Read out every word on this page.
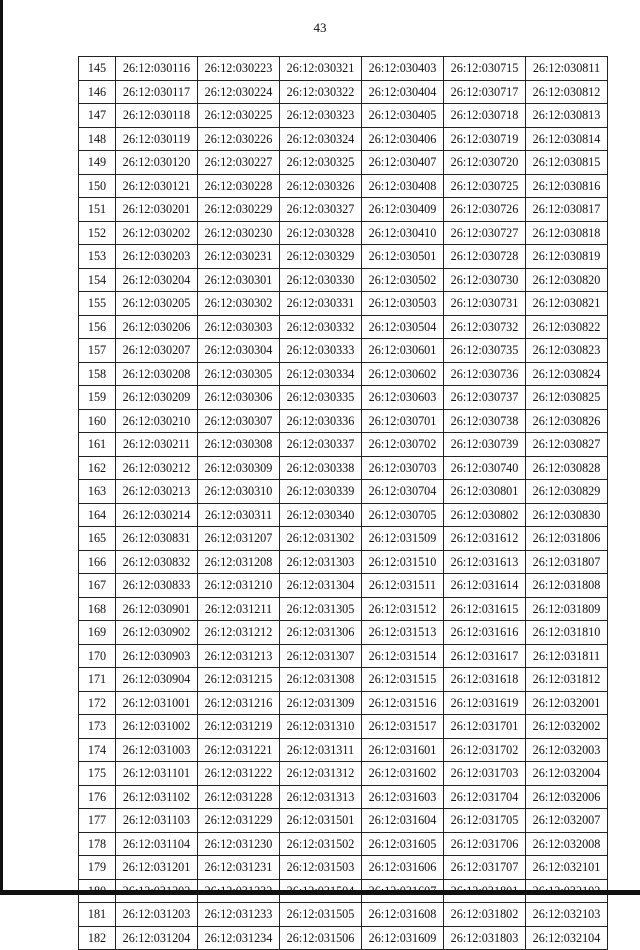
43
145	26:12:030116	26:12:030223	26:12:030321	26:12:030403	26:12:030715	26:12:030811
146	26:12:030117	26:12:030224	26:12:030322	26:12:030404	26:12:030717	26:12:030812
147	26:12:030118	26:12:030225	26:12:030323	26:12:030405	26:12:030718	26:12:030813
148	26:12:030119	26:12:030226	26:12:030324	26:12:030406	26:12:030719	26:12:030814
149	26:12:030120	26:12:030227	26:12:030325	26:12:030407	26:12:030720	26:12:030815
150	26:12:030121	26:12:030228	26:12:030326	26:12:030408	26:12:030725	26:12:030816
151	26:12:030201	26:12:030229	26:12:030327	26:12:030409	26:12:030726	26:12:030817
152	26:12:030202	26:12:030230	26:12:030328	26:12:030410	26:12:030727	26:12:030818
153	26:12:030203	26:12:030231	26:12:030329	26:12:030501	26:12:030728	26:12:030819
154	26:12:030204	26:12:030301	26:12:030330	26:12:030502	26:12:030730	26:12:030820
155	26:12:030205	26:12:030302	26:12:030331	26:12:030503	26:12:030731	26:12:030821
156	26:12:030206	26:12:030303	26:12:030332	26:12:030504	26:12:030732	26:12:030822
157	26:12:030207	26:12:030304	26:12:030333	26:12:030601	26:12:030735	26:12:030823
158	26:12:030208	26:12:030305	26:12:030334	26:12:030602	26:12:030736	26:12:030824
159	26:12:030209	26:12:030306	26:12:030335	26:12:030603	26:12:030737	26:12:030825
160	26:12:030210	26:12:030307	26:12:030336	26:12:030701	26:12:030738	26:12:030826
161	26:12:030211	26:12:030308	26:12:030337	26:12:030702	26:12:030739	26:12:030827
162	26:12:030212	26:12:030309	26:12:030338	26:12:030703	26:12:030740	26:12:030828
163	26:12:030213	26:12:030310	26:12:030339	26:12:030704	26:12:030801	26:12:030829
164	26:12:030214	26:12:030311	26:12:030340	26:12:030705	26:12:030802	26:12:030830
165	26:12:030831	26:12:031207	26:12:031302	26:12:031509	26:12:031612	26:12:031806
166	26:12:030832	26:12:031208	26:12:031303	26:12:031510	26:12:031613	26:12:031807
167	26:12:030833	26:12:031210	26:12:031304	26:12:031511	26:12:031614	26:12:031808
168	26:12:030901	26:12:031211	26:12:031305	26:12:031512	26:12:031615	26:12:031809
169	26:12:030902	26:12:031212	26:12:031306	26:12:031513	26:12:031616	26:12:031810
170	26:12:030903	26:12:031213	26:12:031307	26:12:031514	26:12:031617	26:12:031811
171	26:12:030904	26:12:031215	26:12:031308	26:12:031515	26:12:031618	26:12:031812
172	26:12:031001	26:12:031216	26:12:031309	26:12:031516	26:12:031619	26:12:032001
173	26:12:031002	26:12:031219	26:12:031310	26:12:031517	26:12:031701	26:12:032002
174	26:12:031003	26:12:031221	26:12:031311	26:12:031601	26:12:031702	26:12:032003
175	26:12:031101	26:12:031222	26:12:031312	26:12:031602	26:12:031703	26:12:032004
176	26:12:031102	26:12:031228	26:12:031313	26:12:031603	26:12:031704	26:12:032006
177	26:12:031103	26:12:031229	26:12:031501	26:12:031604	26:12:031705	26:12:032007
178	26:12:031104	26:12:031230	26:12:031502	26:12:031605	26:12:031706	26:12:032008
179	26:12:031201	26:12:031231	26:12:031503	26:12:031606	26:12:031707	26:12:032101

181	26:12:031203	26:12:031233	26:12:031505	26:12:031608	26:12:031802	26:12:032103
182	26:12:031204	26:12:031234	26:12:031506	26:12:031609	26:12:031803	26:12:032104
